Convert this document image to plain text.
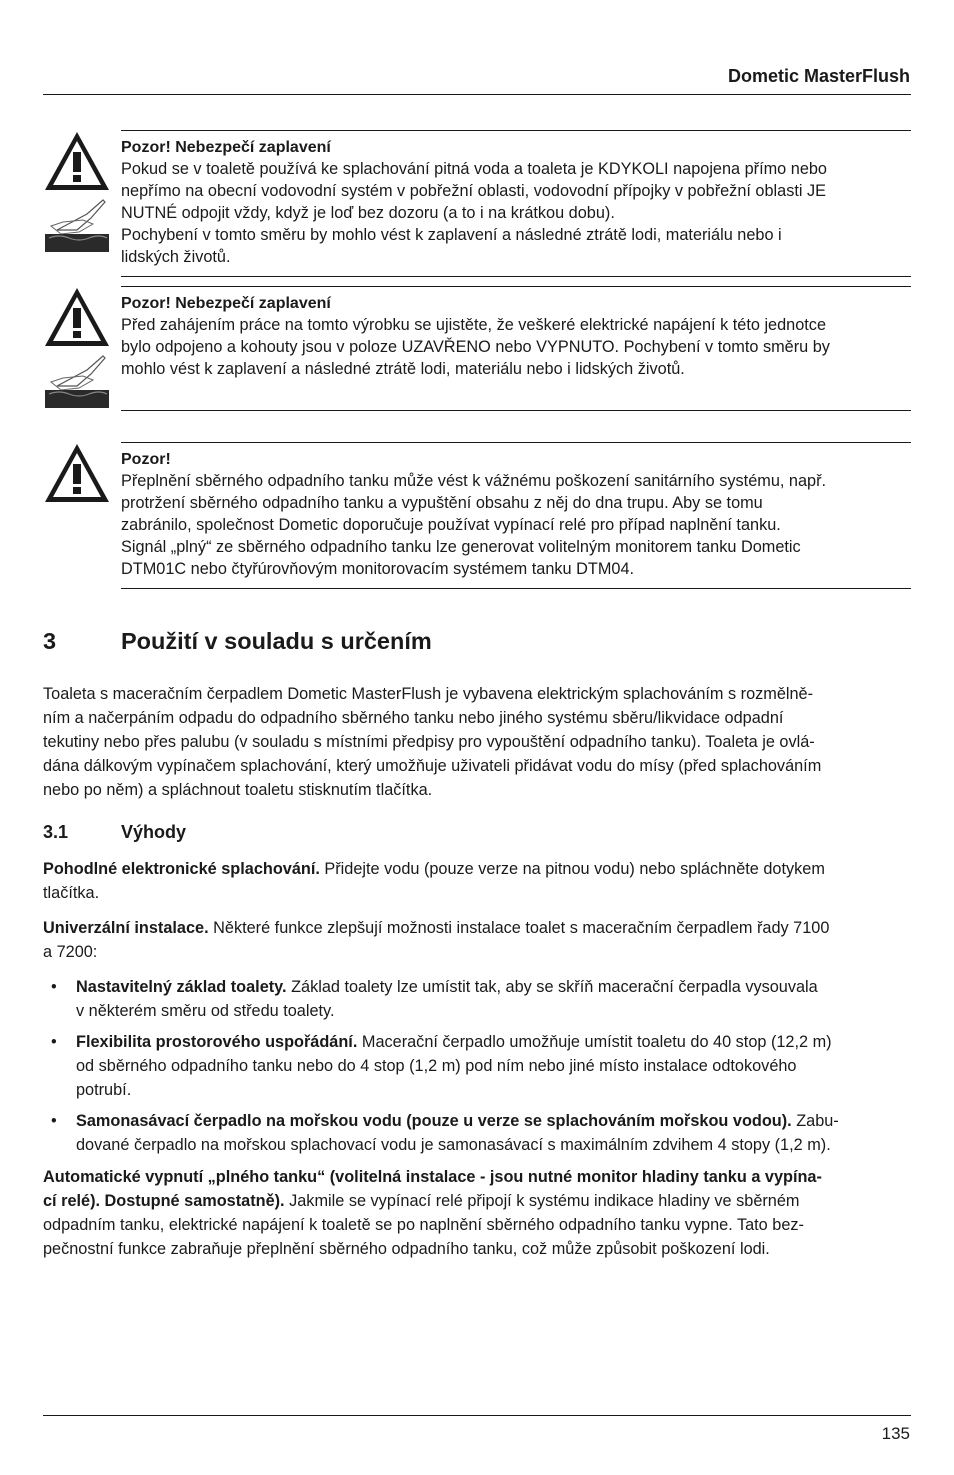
Dometic MasterFlush
Pozor! Nebezpečí zaplavení

Pokud se v toaletě používá ke splachování pitná voda a toaleta je KDYKOLI napojena přímo nebo

nepřímo na obecní vodovodní systém v pobřežní oblasti, vodovodní přípojky v pobřežní oblasti JE

NUTNÉ odpojit vždy, když je loď bez dozoru (a to i na krátkou dobu).

Pochybení v tomto směru by mohlo vést k zaplavení a následné ztrátě lodi, materiálu nebo i

lidských životů.

Pozor! Nebezpečí zaplavení

Před zahájením práce na tomto výrobku se ujistěte, že veškeré elektrické napájení k této jednotce

bylo odpojeno a kohouty jsou v poloze UZAVŘENO nebo VYPNUTO. Pochybení v tomto směru by

mohlo vést k zaplavení a následné ztrátě lodi, materiálu nebo i lidských životů.

Pozor!

Přeplnění sběrného odpadního tanku může vést k vážnému poškození sanitárního systému, např.

protržení sběrného odpadního tanku a vypuštění obsahu z něj do dna trupu. Aby se tomu

zabránilo, společnost Dometic doporučuje používat vypínací relé pro případ naplnění tanku.

Signál „plný“ ze sběrného odpadního tanku lze generovat volitelným monitorem tanku Dometic

DTM01C nebo čtyřúrovňovým monitorovacím systémem tanku DTM04.

3	Použití v souladu s určením

Toaleta s maceračním čerpadlem Dometic MasterFlush je vybavena elektrickým splachováním s rozmělně-

ním a načerpáním odpadu do odpadního sběrného tanku nebo jiného systému sběru/likvidace odpadní

tekutiny nebo přes palubu (v souladu s místními předpisy pro vypouštění odpadního tanku). Toaleta je ovlá-

dána dálkovým vypínačem splachování, který umožňuje uživateli přidávat vodu do mísy (před splachováním

nebo po něm) a spláchnout toaletu stisknutím tlačítka.

3.1	Výhody

Pohodlné elektronické splachování. Přidejte vodu (pouze verze na pitnou vodu) nebo spláchněte dotykem

tlačítka.

Univerzální instalace. Některé funkce zlepšují možnosti instalace toalet s maceračním čerpadlem řady 7100

a 7200:

• Nastavitelný základ toalety. Základ toalety lze umístit tak, aby se skříň macerační čerpadla vysouvala
v některém směru od středu toalety.
• Flexibilita prostorového uspořádání. Macerační čerpadlo umožňuje umístit toaletu do 40 stop (12,2 m)
od sběrného odpadního tanku nebo do 4 stop (1,2 m) pod ním nebo jiné místo instalace odtokového
potrubí.
• Samonasávací čerpadlo na mořskou vodu (pouze u verze se splachováním mořskou vodou). Zabu-
dované čerpadlo na mořskou splachovací vodu je samonasávací s maximálním zdvihem 4 stopy (1,2 m).

Automatické vypnutí „plného tanku“ (volitelná instalace - jsou nutné monitor hladiny tanku a vypína-

cí relé). Dostupné samostatně). Jakmile se vypínací relé připojí k systému indikace hladiny ve sběrném

odpadním tanku, elektrické napájení k toaletě se po naplnění sběrného odpadního tanku vypne. Tato bez-

pečnostní funkce zabraňuje přeplnění sběrného odpadního tanku, což může způsobit poškození lodi.

135
